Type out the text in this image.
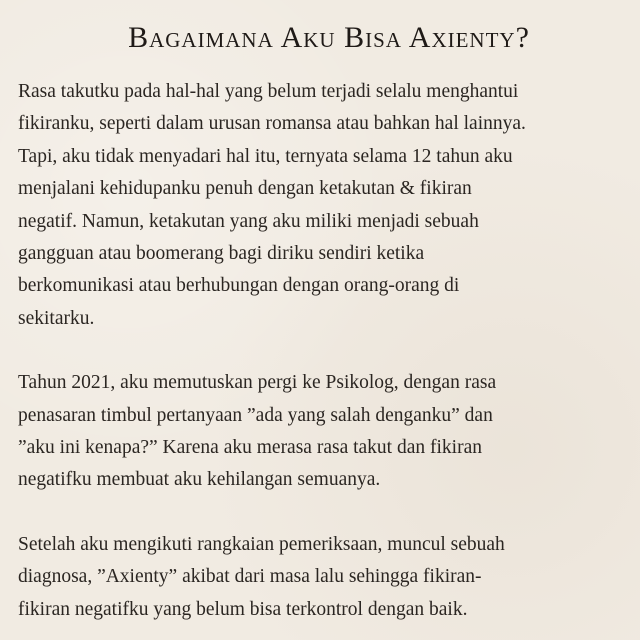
Bagaimana Aku Bisa Axienty?

Rasa takutku pada hal-hal yang belum terjadi selalu menghantui
fikiranku, seperti dalam urusan romansa atau bahkan hal lainnya.
Tapi, aku tidak menyadari hal itu, ternyata selama 12 tahun aku
menjalani kehidupanku penuh dengan ketakutan & fikiran
negatif. Namun, ketakutan yang aku miliki menjadi sebuah
gangguan atau boomerang bagi diriku sendiri ketika
berkomunikasi atau berhubungan dengan orang-orang di
sekitarku.

Tahun 2021, aku memutuskan pergi ke Psikolog, dengan rasa
penasaran timbul pertanyaan ”ada yang salah denganku” dan
”aku ini kenapa?” Karena aku merasa rasa takut dan fikiran
negatifku membuat aku kehilangan semuanya.

Setelah aku mengikuti rangkaian pemeriksaan, muncul sebuah
diagnosa, ”Axienty” akibat dari masa lalu sehingga fikiran-
fikiran negatifku yang belum bisa terkontrol dengan baik.
